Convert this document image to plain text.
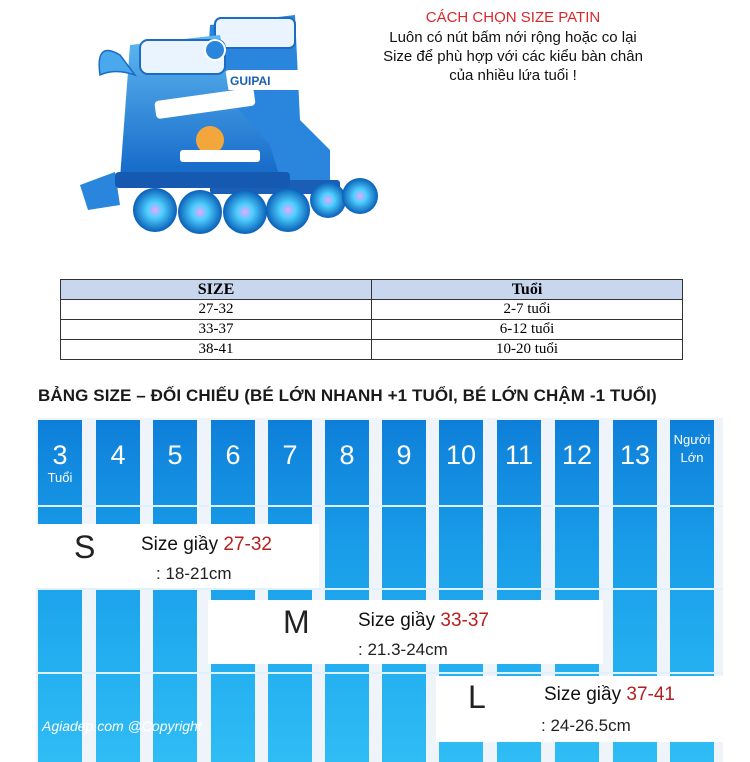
GUIPAI
CÁCH CHỌN SIZE PATIN
Luôn có nút bấm nới rộng hoặc co lại
Size để phù hợp với các kiểu bàn chân
của nhiều lứa tuổi !
SIZE	Tuổi
27-32	2-7 tuổi
33-37	6-12 tuổi
38-41	10-20 tuổi
BẢNG SIZE – ĐỐI CHIẾU (BÉ LỚN NHANH +1 TUỔI, BÉ LỚN CHẬM -1 TUỔI)
3
Tuổi
4	5	6	7	8	9	10 11 12 13
Người
Lớn
S Size giầy 27-32
: 18-21cm
M	Size giầy 33-37
: 21.3-24cm
L	Size giầy 37-41
: 24-26.5cm
Agiadep.com @Copyright
